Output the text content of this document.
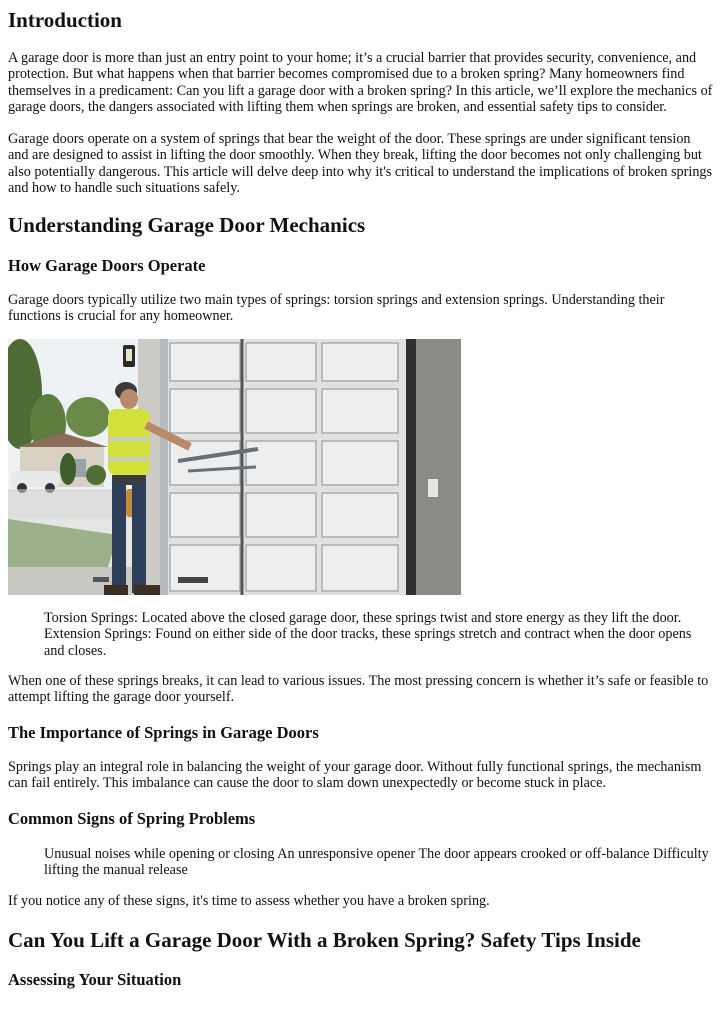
Introduction

A garage door is more than just an entry point to your home; it’s a crucial barrier that provides security, convenience, and protection. But what happens when that barrier becomes compromised due to a broken spring? Many homeowners find themselves in a predicament: Can you lift a garage door with a broken spring? In this article, we’ll explore the mechanics of garage doors, the dangers associated with lifting them when springs are broken, and essential safety tips to consider.

Garage doors operate on a system of springs that bear the weight of the door. These springs are under significant tension and are designed to assist in lifting the door smoothly. When they break, lifting the door becomes not only challenging but also potentially dangerous. This article will delve deep into why it's critical to understand the implications of broken springs and how to handle such situations safely.

Understanding Garage Door Mechanics
How Garage Doors Operate

Garage doors typically utilize two main types of springs: torsion springs and extension springs. Understanding their functions is crucial for any homeowner.

Torsion Springs: Located above the closed garage door, these springs twist and store energy as they lift the door. Extension Springs: Found on either side of the door tracks, these springs stretch and contract when the door opens and closes.

When one of these springs breaks, it can lead to various issues. The most pressing concern is whether it’s safe or feasible to attempt lifting the garage door yourself.

The Importance of Springs in Garage Doors

Springs play an integral role in balancing the weight of your garage door. Without fully functional springs, the mechanism can fail entirely. This imbalance can cause the door to slam down unexpectedly or become stuck in place.

Common Signs of Spring Problems

Unusual noises while opening or closing An unresponsive opener The door appears crooked or off-balance Difficulty lifting the manual release

If you notice any of these signs, it's time to assess whether you have a broken spring.

Can You Lift a Garage Door With a Broken Spring? Safety Tips Inside
Assessing Your Situation
